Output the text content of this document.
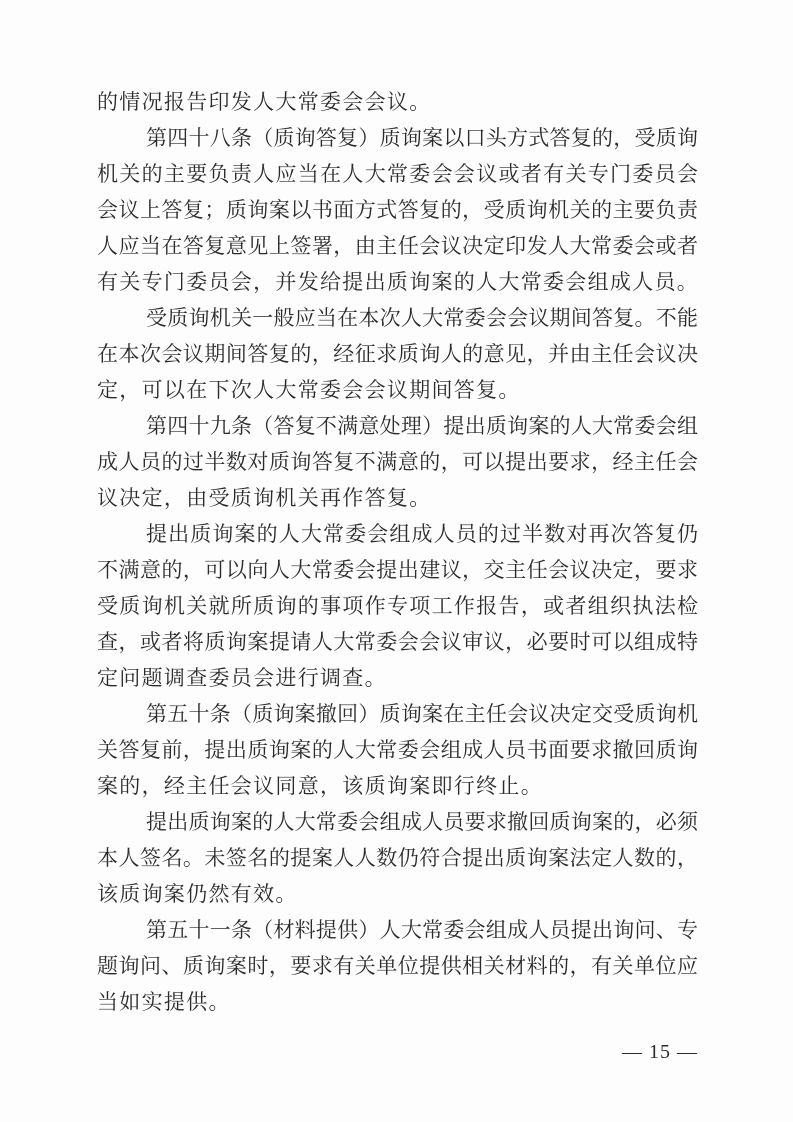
的情况报告印发人大常委会会议。
第四十八条（质询答复）质询案以口头方式答复的，受质询
机关的主要负责人应当在人大常委会会议或者有关专门委员会
会议上答复；质询案以书面方式答复的，受质询机关的主要负责
人应当在答复意见上签署，由主任会议决定印发人大常委会或者
有关专门委员会，并发给提出质询案的人大常委会组成人员。
受质询机关一般应当在本次人大常委会会议期间答复。不能
在本次会议期间答复的，经征求质询人的意见，并由主任会议决
定，可以在下次人大常委会会议期间答复。
第四十九条（答复不满意处理）提出质询案的人大常委会组
成人员的过半数对质询答复不满意的，可以提出要求，经主任会
议决定，由受质询机关再作答复。
提出质询案的人大常委会组成人员的过半数对再次答复仍
不满意的，可以向人大常委会提出建议，交主任会议决定，要求
受质询机关就所质询的事项作专项工作报告，或者组织执法检
查，或者将质询案提请人大常委会会议审议，必要时可以组成特
定问题调查委员会进行调查。
第五十条（质询案撤回）质询案在主任会议决定交受质询机
关答复前，提出质询案的人大常委会组成人员书面要求撤回质询
案的，经主任会议同意，该质询案即行终止。
提出质询案的人大常委会组成人员要求撤回质询案的，必须
本人签名。未签名的提案人人数仍符合提出质询案法定人数的，
该质询案仍然有效。
第五十一条（材料提供）人大常委会组成人员提出询问、专
题询问、质询案时，要求有关单位提供相关材料的，有关单位应
当如实提供。
— 15 —
